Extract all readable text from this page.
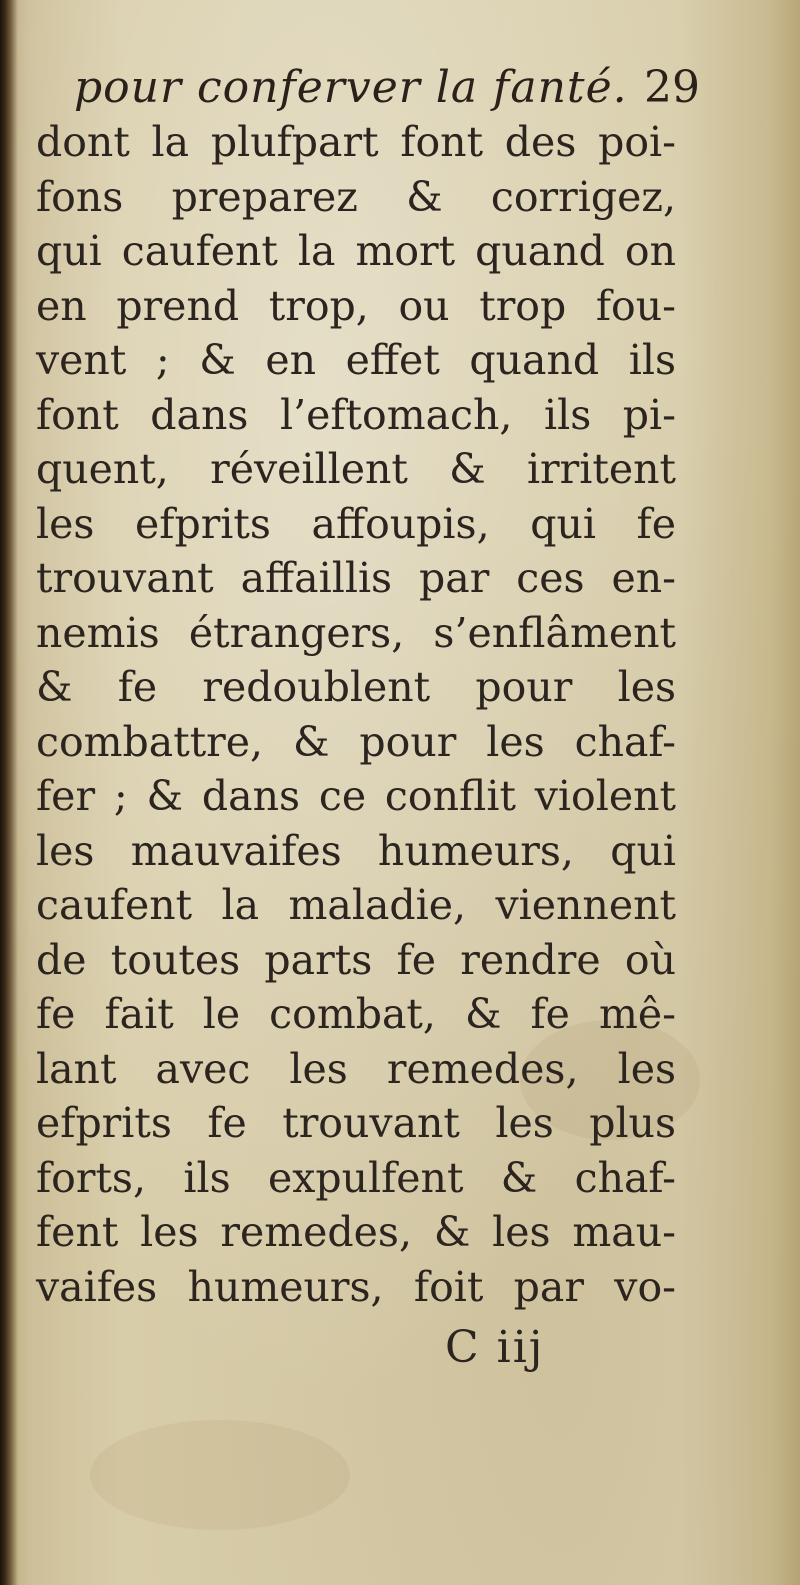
pour conferver la fanté. 29
dont la plufpart font des poi-
fons preparez & corrigez,
qui caufent la mort quand on
en prend trop, ou trop fou-
vent ; & en effet quand ils
font dans l’eftomach, ils pi-
quent, réveillent & irritent
les efprits affoupis, qui fe
trouvant affaillis par ces en-
nemis étrangers, s’enflâment
& fe redoublent pour les
combattre, & pour les chaf-
fer ; & dans ce conflit violent
les mauvaifes humeurs, qui
caufent la maladie, viennent
de toutes parts fe rendre où
fe fait le combat, & fe mê-
lant avec les remedes, les
efprits fe trouvant les plus
forts, ils expulfent & chaf-
fent les remedes, & les mau-
vaifes humeurs, foit par vo-
C iij
